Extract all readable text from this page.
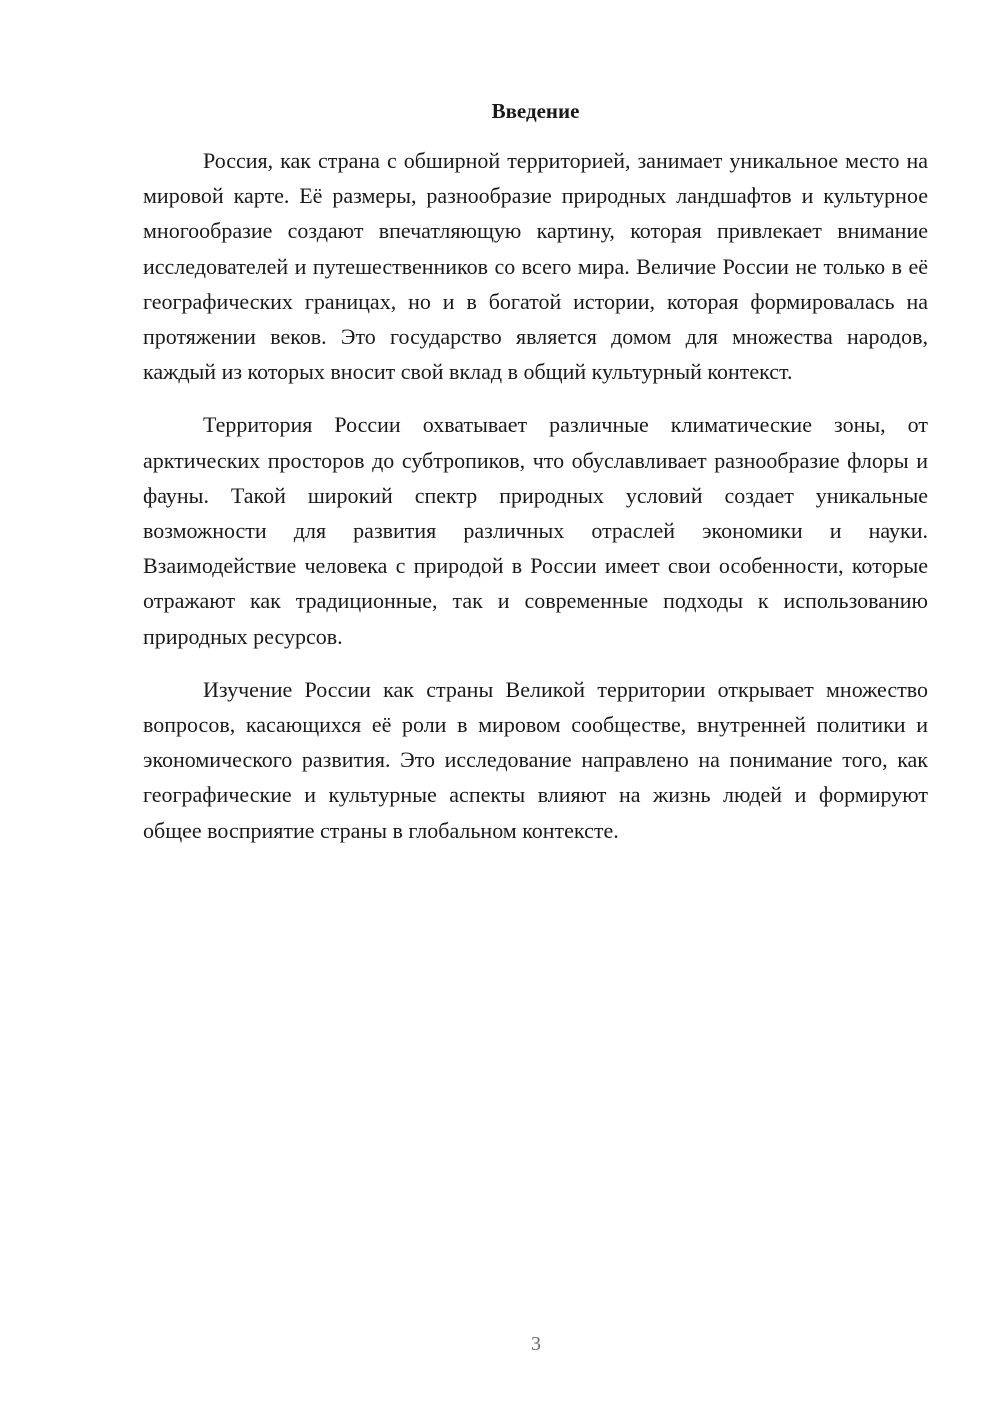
Введение

Россия, как страна с обширной территорией, занимает уникальное место на мировой карте. Её размеры, разнообразие природных ландшафтов и культурное многообразие создают впечатляющую картину, которая привлекает внимание исследователей и путешественников со всего мира. Величие России не только в её географических границах, но и в богатой истории, которая формировалась на протяжении веков. Это государство является домом для множества народов, каждый из которых вносит свой вклад в общий культурный контекст.

Территория России охватывает различные климатические зоны, от арктических просторов до субтропиков, что обуславливает разнообразие флоры и фауны. Такой широкий спектр природных условий создает уникальные возможности для развития различных отраслей экономики и науки. Взаимодействие человека с природой в России имеет свои особенности, которые отражают как традиционные, так и современные подходы к использованию природных ресурсов.

Изучение России как страны Великой территории открывает множество вопросов, касающихся её роли в мировом сообществе, внутренней политики и экономического развития. Это исследование направлено на понимание того, как географические и культурные аспекты влияют на жизнь людей и формируют общее восприятие страны в глобальном контексте.

3
